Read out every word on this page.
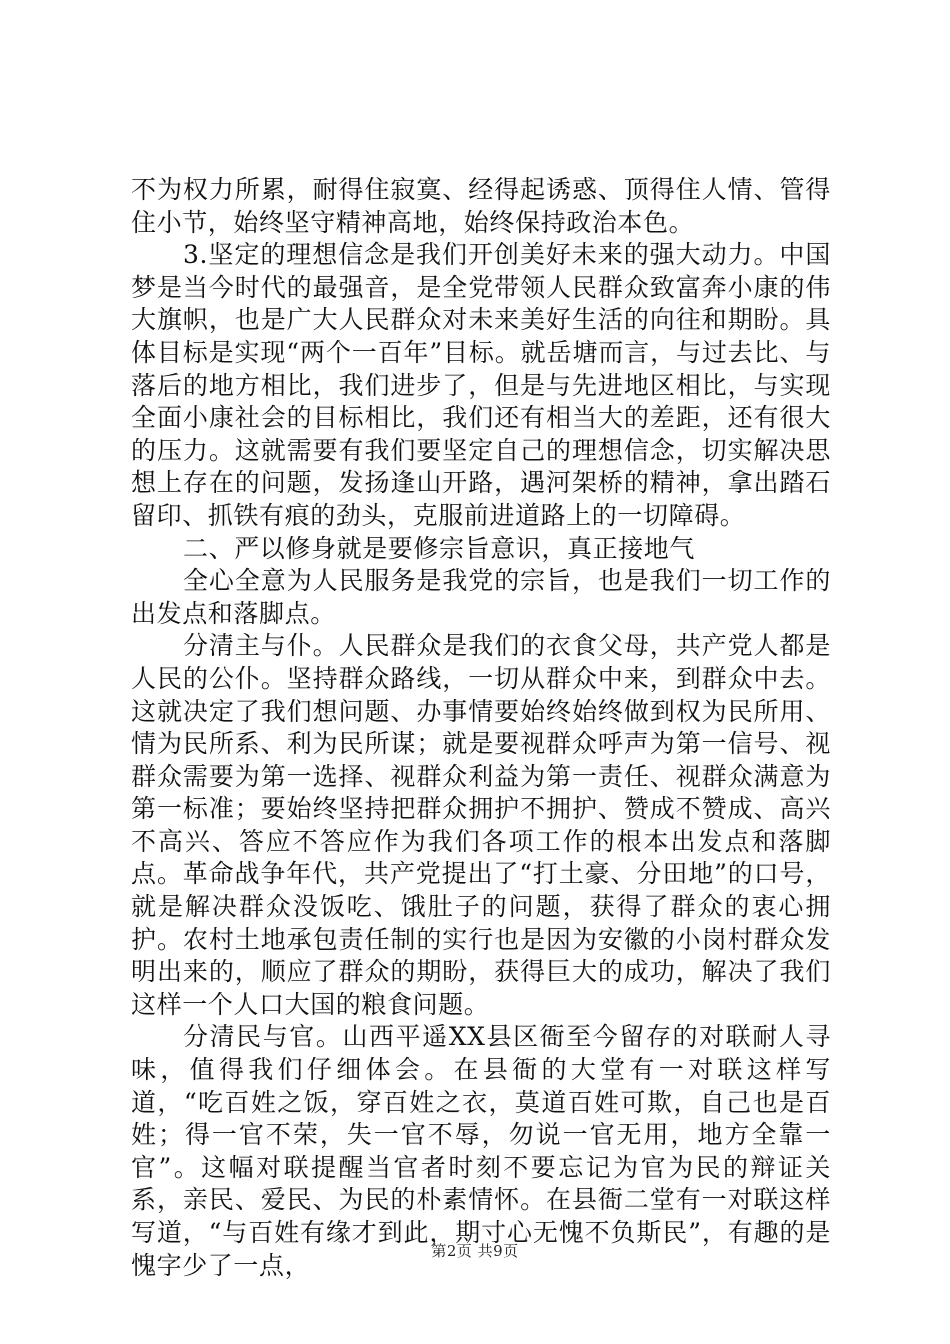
不为权力所累，耐得住寂寞、经得起诱惑、顶得住人情、管得住小节，始终坚守精神高地，始终保持政治本色。

3.坚定的理想信念是我们开创美好未来的强大动力。中国梦是当今时代的最强音，是全党带领人民群众致富奔小康的伟大旗帜，也是广大人民群众对未来美好生活的向往和期盼。具体目标是实现“两个一百年”目标。就岳塘而言，与过去比、与落后的地方相比，我们进步了，但是与先进地区相比，与实现全面小康社会的目标相比，我们还有相当大的差距，还有很大的压力。这就需要有我们要坚定自己的理想信念，切实解决思想上存在的问题，发扬逢山开路，遇河架桥的精神，拿出踏石留印、抓铁有痕的劲头，克服前进道路上的一切障碍。

二、严以修身就是要修宗旨意识，真正接地气

全心全意为人民服务是我党的宗旨，也是我们一切工作的出发点和落脚点。

分清主与仆。人民群众是我们的衣食父母，共产党人都是人民的公仆。坚持群众路线，一切从群众中来，到群众中去。这就决定了我们想问题、办事情要始终始终做到权为民所用、情为民所系、利为民所谋；就是要视群众呼声为第一信号、视群众需要为第一选择、视群众利益为第一责任、视群众满意为第一标准；要始终坚持把群众拥护不拥护、赞成不赞成、高兴不高兴、答应不答应作为我们各项工作的根本出发点和落脚点。革命战争年代，共产党提出了“打土豪、分田地”的口号，就是解决群众没饭吃、饿肚子的问题，获得了群众的衷心拥护。农村土地承包责任制的实行也是因为安徽的小岗村群众发明出来的，顺应了群众的期盼，获得巨大的成功，解决了我们这样一个人口大国的粮食问题。

分清民与官。山西平遥XX县区衙至今留存的对联耐人寻味，值得我们仔细体会。在县衙的大堂有一对联这样写道，“吃百姓之饭，穿百姓之衣，莫道百姓可欺，自己也是百姓；得一官不荣，失一官不辱，勿说一官无用，地方全靠一官”。这幅对联提醒当官者时刻不要忘记为官为民的辩证关系，亲民、爱民、为民的朴素情怀。在县衙二堂有一对联这样写道，“与百姓有缘才到此，期寸心无愧不负斯民”，有趣的是愧字少了一点，	第2页 共9页
